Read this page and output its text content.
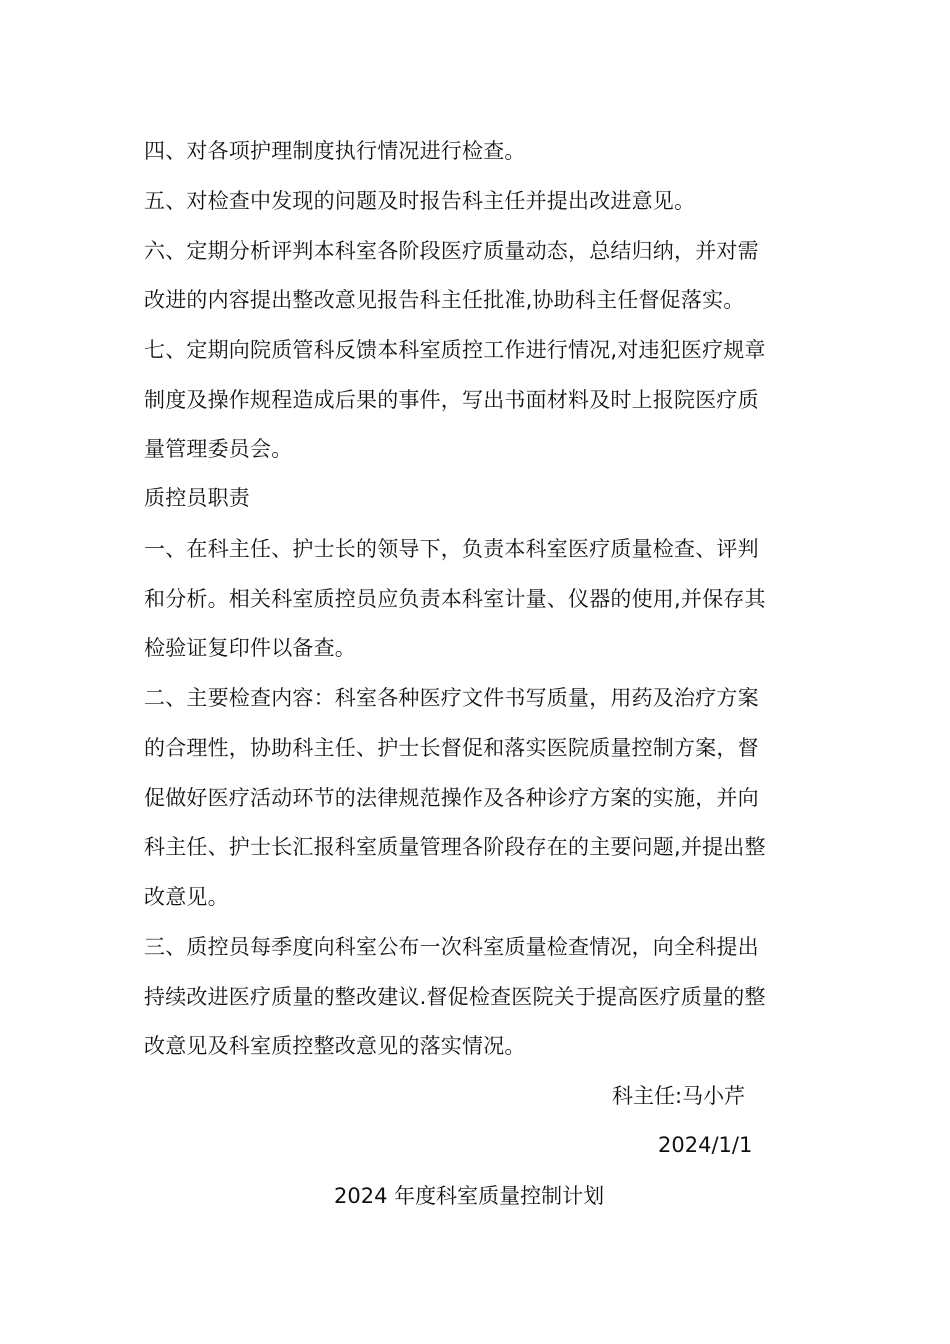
四、对各项护理制度执行情况进行检查。
五、对检查中发现的问题及时报告科主任并提出改进意见。
六、定期分析评判本科室各阶段医疗质量动态，总结归纳，并对需
改进的内容提出整改意见报告科主任批准,协助科主任督促落实。
七、定期向院质管科反馈本科室质控工作进行情况,对违犯医疗规章
制度及操作规程造成后果的事件，写出书面材料及时上报院医疗质
量管理委员会。
质控员职责
一、在科主任、护士长的领导下，负责本科室医疗质量检查、评判
和分析。相关科室质控员应负责本科室计量、仪器的使用,并保存其
检验证复印件以备查。
二、主要检查内容：科室各种医疗文件书写质量，用药及治疗方案
的合理性，协助科主任、护士长督促和落实医院质量控制方案，督
促做好医疗活动环节的法律规范操作及各种诊疗方案的实施，并向
科主任、护士长汇报科室质量管理各阶段存在的主要问题,并提出整
改意见。
三、质控员每季度向科室公布一次科室质量检查情况，向全科提出
持续改进医疗质量的整改建议.督促检查医院关于提高医疗质量的整
改意见及科室质控整改意见的落实情况。
科主任:马小芹
2024/1/1
2024 年度科室质量控制计划
